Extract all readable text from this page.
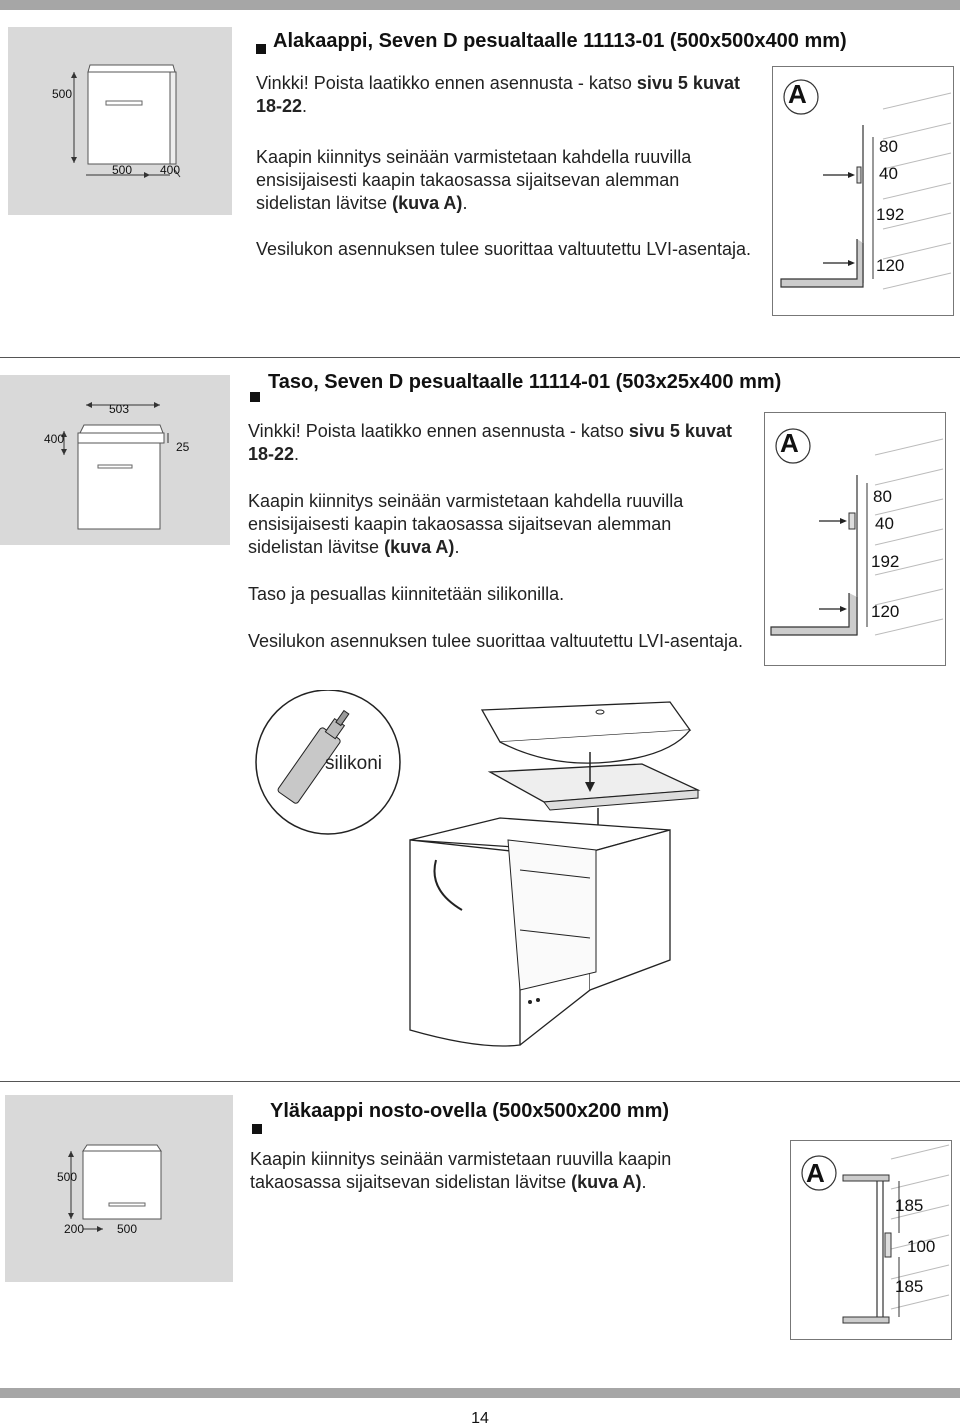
500
500 400
Alakaappi, Seven D pesualtaalle 11113-01 (500x500x400 mm)
Vinkki! Poista laatikko ennen asennusta - katso sivu 5 kuvat 18-22.
Kaapin kiinnitys seinään varmistetaan kahdella ruuvilla ensisijaisesti kaapin takaosassa sijaitsevan alemman sidelistan lävitse (kuva A).
Vesilukon asennuksen tulee suorittaa valtuutettu LVI-asentaja.
A
80
40
192
120
503
400
25
Taso, Seven D pesualtaalle 11114-01 (503x25x400 mm)
Vinkki! Poista laatikko ennen asennusta - katso sivu 5 kuvat 18-22.
Kaapin kiinnitys seinään varmistetaan kahdella ruuvilla ensisijaisesti kaapin takaosassa sijaitsevan alemman sidelistan lävitse (kuva A).
Taso ja pesuallas kiinnitetään silikonilla.
Vesilukon asennuksen tulee suorittaa valtuutettu LVI-asentaja.
A
80
40
192
120
silikoni
500
200	500
Yläkaappi nosto-ovella (500x500x200 mm)
Kaapin kiinnitys seinään varmistetaan ruuvilla kaapin takaosassa sijaitsevan sidelistan lävitse (kuva A).	A
185
100
185
14
